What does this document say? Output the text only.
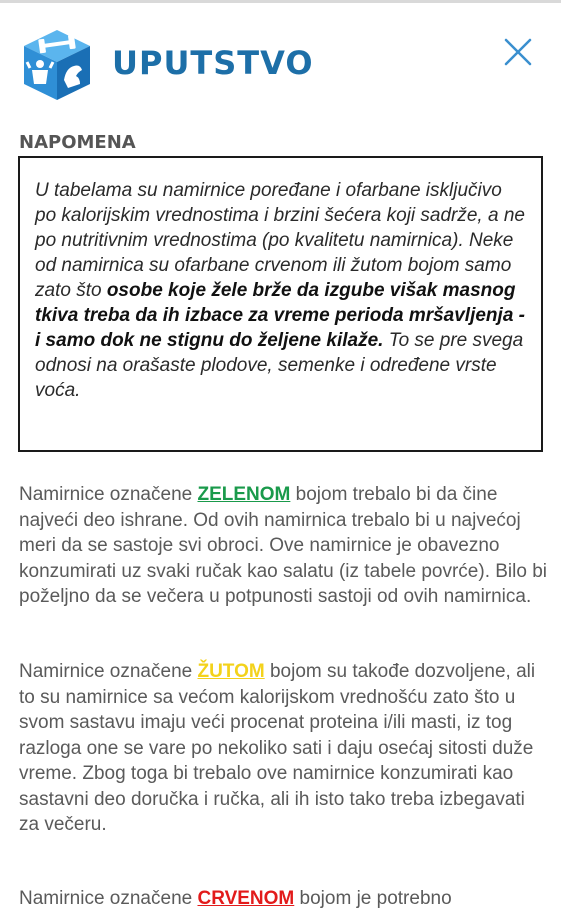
UPUTSTVO
NAPOMENA
U tabelama su namirnice poređane i ofarbane isključivo po kalorijskim vrednostima i brzini šećera koji sadrže, a ne po nutritivnim vrednostima (po kvalitetu namirnica). Neke od namirnica su ofarbane crvenom ili žutom bojom samo zato što osobe koje žele brže da izgube višak masnog tkiva treba da ih izbace za vreme perioda mršavljenja - i samo dok ne stignu do željene kilaže. To se pre svega odnosi na orašaste plodove, semenke i određene vrste voća.
Namirnice označene ZELENOM bojom trebalo bi da čine najveći deo ishrane. Od ovih namirnica trebalo bi u najvećoj meri da se sastoje svi obroci. Ove namirnice je obavezno konzumirati uz svaki ručak kao salatu (iz tabele povrće). Bilo bi poželjno da se večera u potpunosti sastoji od ovih namirnica.
Namirnice označene ŽUTOM bojom su takođe dozvoljene, ali to su namirnice sa većom kalorijskom vrednošću zato što u svom sastavu imaju veći procenat proteina i/ili masti, iz tog razloga one se vare po nekoliko sati i daju osećaj sitosti duže vreme. Zbog toga bi trebalo ove namirnice konzumirati kao sastavni deo doručka i ručka, ali ih isto tako treba izbegavati za večeru.
Namirnice označene CRVENOM bojom je potrebno
